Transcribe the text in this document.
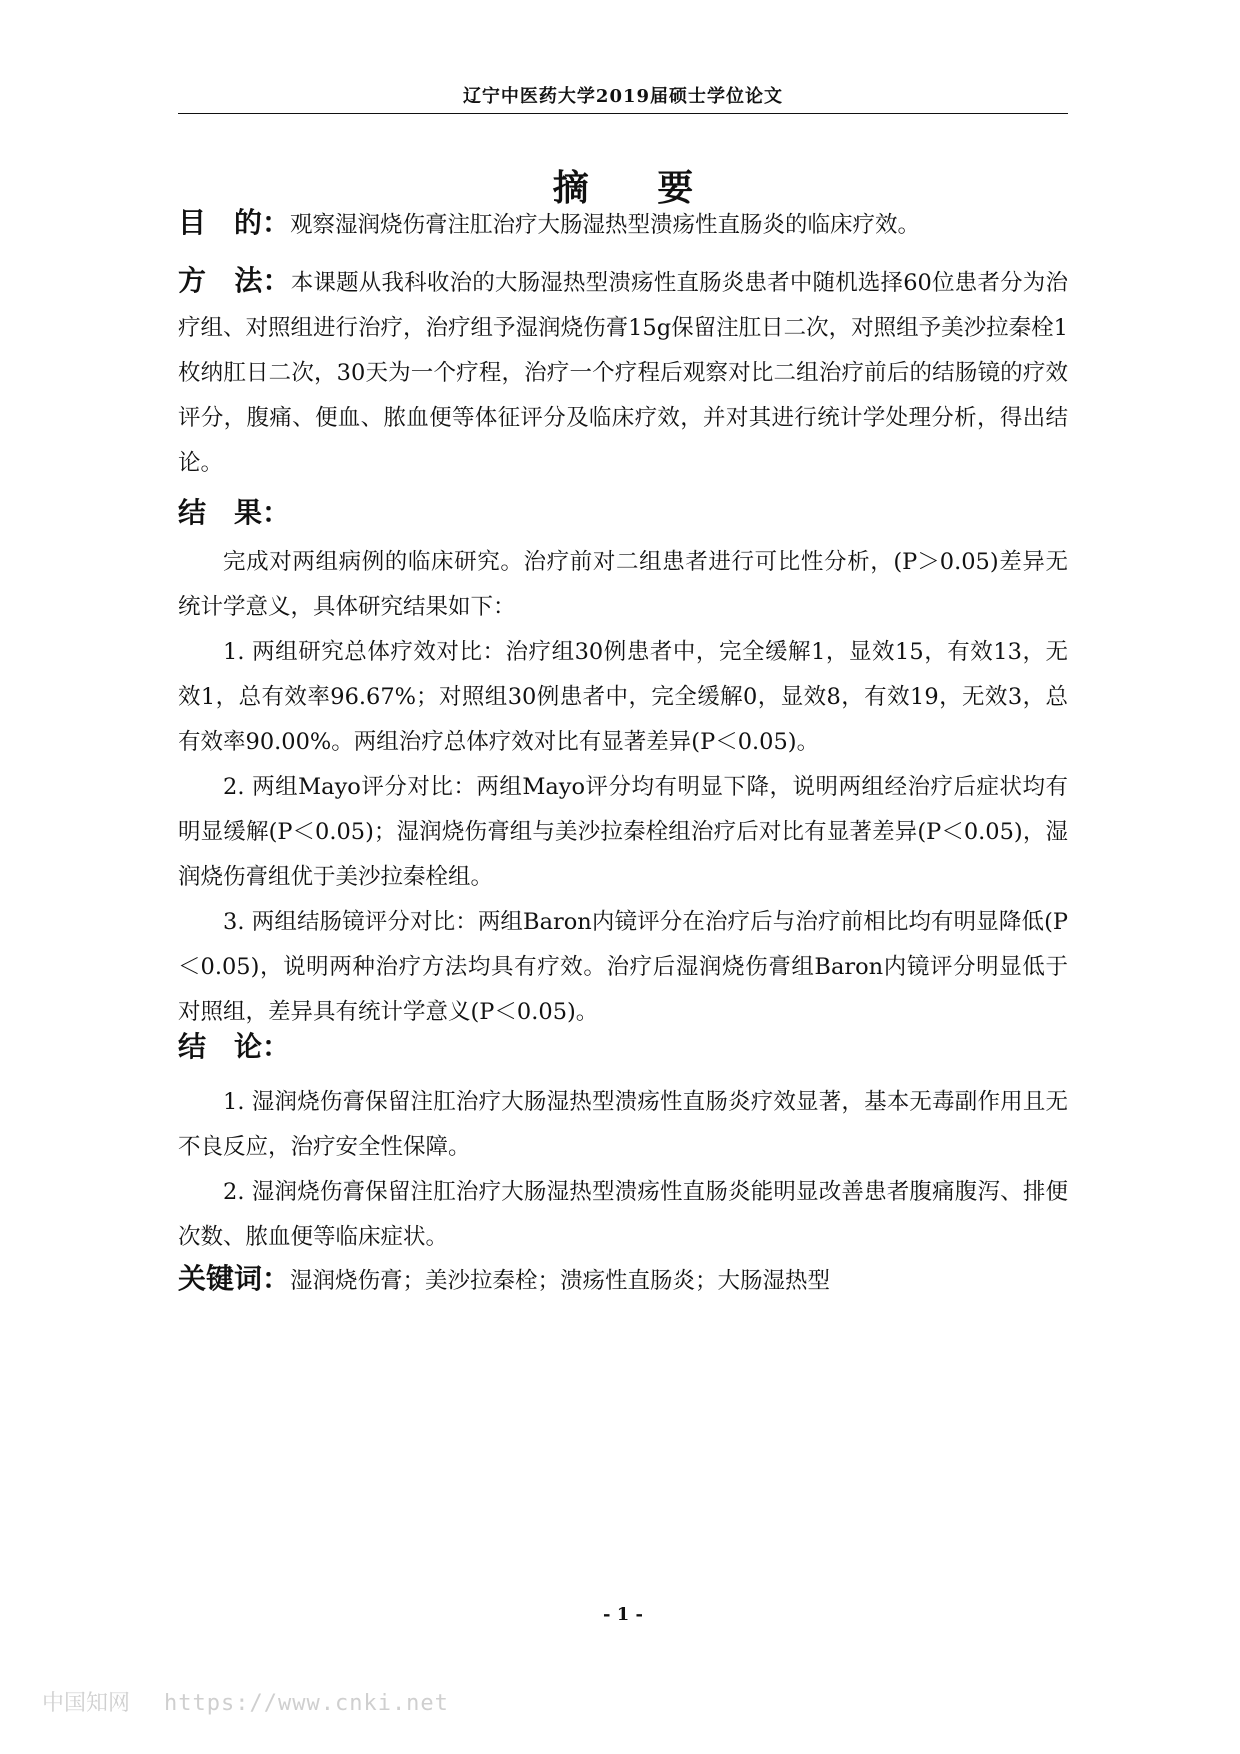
辽宁中医药大学2019届硕士学位论文
摘 要

目　的：观察湿润烧伤膏注肛治疗大肠湿热型溃疡性直肠炎的临床疗效。

方　法：本课题从我科收治的大肠湿热型溃疡性直肠炎患者中随机选择60位患者分为治疗组、对照组进行治疗，治疗组予湿润烧伤膏15g保留注肛日二次，对照组予美沙拉秦栓1枚纳肛日二次，30天为一个疗程，治疗一个疗程后观察对比二组治疗前后的结肠镜的疗效评分，腹痛、便血、脓血便等体征评分及临床疗效，并对其进行统计学处理分析，得出结论。

结　果：

完成对两组病例的临床研究。治疗前对二组患者进行可比性分析，(P＞0.05)差异无统计学意义，具体研究结果如下：

1. 两组研究总体疗效对比：治疗组30例患者中，完全缓解1，显效15，有效13，无效1，总有效率96.67%；对照组30例患者中，完全缓解0，显效8，有效19，无效3，总有效率90.00%。两组治疗总体疗效对比有显著差异(P＜0.05)。

2. 两组Mayo评分对比：两组Mayo评分均有明显下降，说明两组经治疗后症状均有明显缓解(P＜0.05)；湿润烧伤膏组与美沙拉秦栓组治疗后对比有显著差异(P＜0.05)，湿润烧伤膏组优于美沙拉秦栓组。

3. 两组结肠镜评分对比：两组Baron内镜评分在治疗后与治疗前相比均有明显降低(P＜0.05)，说明两种治疗方法均具有疗效。治疗后湿润烧伤膏组Baron内镜评分明显低于对照组，差异具有统计学意义(P＜0.05)。

结　论：

1. 湿润烧伤膏保留注肛治疗大肠湿热型溃疡性直肠炎疗效显著，基本无毒副作用且无不良反应，治疗安全性保障。

2. 湿润烧伤膏保留注肛治疗大肠湿热型溃疡性直肠炎能明显改善患者腹痛腹泻、排便次数、脓血便等临床症状。

关键词：湿润烧伤膏；美沙拉秦栓；溃疡性直肠炎；大肠湿热型

- 1 -
中国知网 https://www.cnki.net
